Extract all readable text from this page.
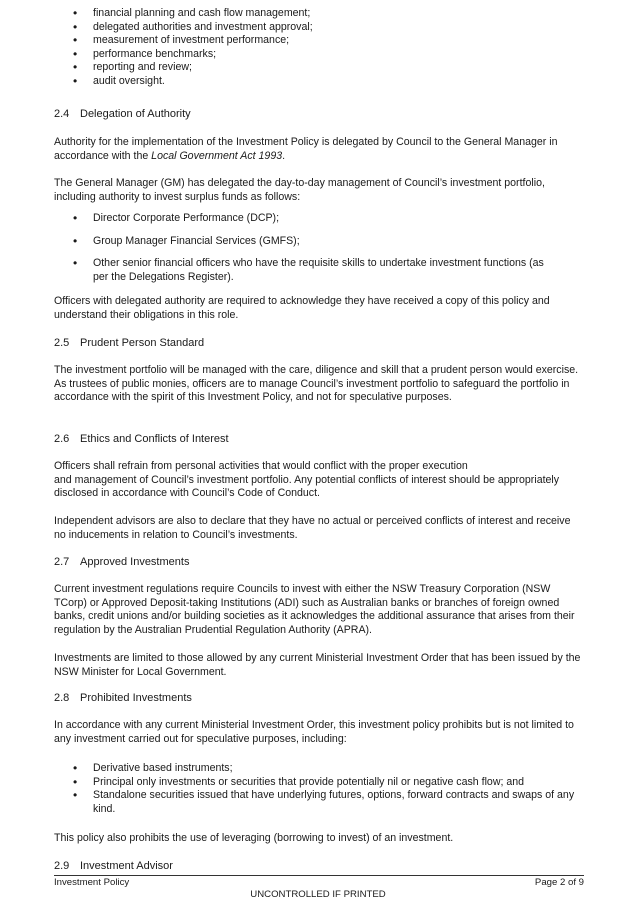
• financial planning and cash flow management;
• delegated authorities and investment approval;
• measurement of investment performance;
• performance benchmarks;
• reporting and review;
• audit oversight.
2.4 Delegation of Authority

Authority for the implementation of the Investment Policy is delegated by Council to the General Manager in accordance with the Local Government Act 1993.

The General Manager (GM) has delegated the day-to-day management of Council’s investment portfolio, including authority to invest surplus funds as follows:

• Director Corporate Performance (DCP);
• Group Manager Financial Services (GMFS);
• Other senior financial officers who have the requisite skills to undertake investment functions (as per the Delegations Register).

Officers with delegated authority are required to acknowledge they have received a copy of this policy and understand their obligations in this role.

2.5 Prudent Person Standard

The investment portfolio will be managed with the care, diligence and skill that a prudent person would exercise. As trustees of public monies, officers are to manage Council’s investment portfolio to safeguard the portfolio in accordance with the spirit of this Investment Policy, and not for speculative purposes.

2.6 Ethics and Conflicts of Interest

Officers shall refrain from personal activities that would conflict with the proper execution
and management of Council’s investment portfolio. Any potential conflicts of interest should be appropriately disclosed in accordance with Council’s Code of Conduct.

Independent advisors are also to declare that they have no actual or perceived conflicts of interest and receive no inducements in relation to Council’s investments.

2.7 Approved Investments

Current investment regulations require Councils to invest with either the NSW Treasury Corporation (NSW TCorp) or Approved Deposit-taking Institutions (ADI) such as Australian banks or branches of foreign owned banks, credit unions and/or building societies as it acknowledges the additional assurance that arises from their regulation by the Australian Prudential Regulation Authority (APRA).

Investments are limited to those allowed by any current Ministerial Investment Order that has been issued by the NSW Minister for Local Government.

2.8 Prohibited Investments

In accordance with any current Ministerial Investment Order, this investment policy prohibits but is not limited to any investment carried out for speculative purposes, including:

• Derivative based instruments;
• Principal only investments or securities that provide potentially nil or negative cash flow; and
• Standalone securities issued that have underlying futures, options, forward contracts and swaps of any kind.

This policy also prohibits the use of leveraging (borrowing to invest) of an investment.

2.9 Investment Advisor
Investment Policy	Page 2 of 9
UNCONTROLLED IF PRINTED
